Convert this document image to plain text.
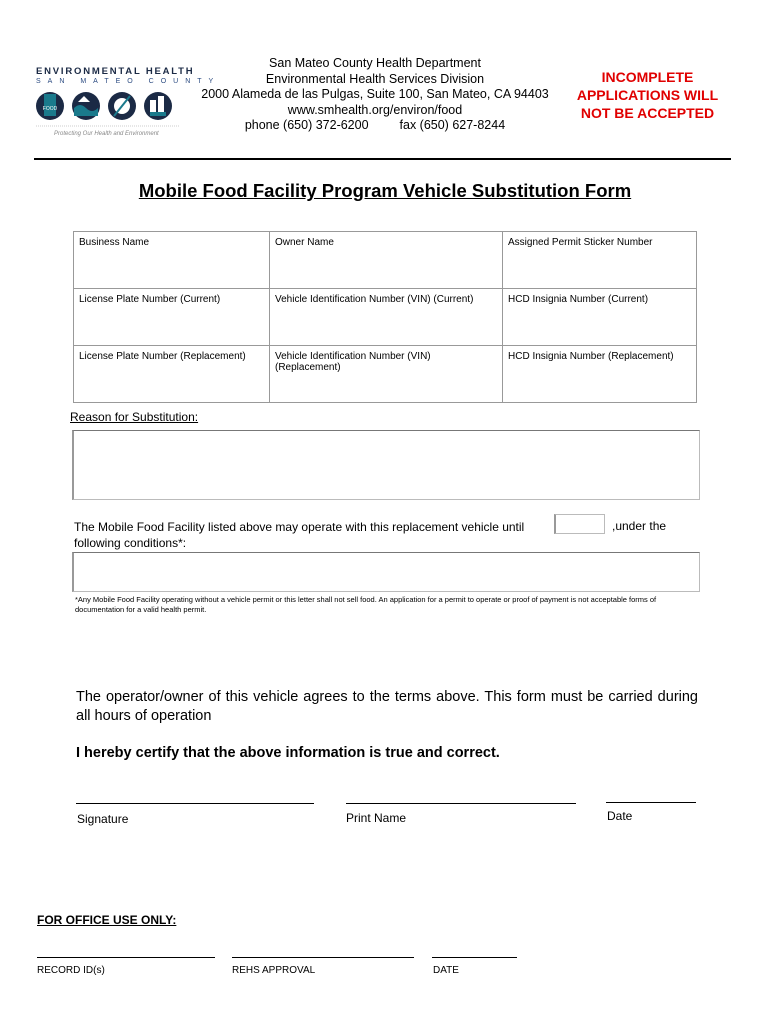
ENVIRONMENTAL HEALTH
SAN MATEO COUNTY
FOOD
Protecting Our Health and Environment
San Mateo County Health Department
Environmental Health Services Division
2000 Alameda de las Pulgas, Suite 100, San Mateo, CA 94403
www.smhealth.org/environ/food
phone (650) 372-6200 fax (650) 627-8244
INCOMPLETE
APPLICATIONS WILL
NOT BE ACCEPTED
Mobile Food Facility Program Vehicle Substitution Form
Business Name	Owner Name	Assigned Permit Sticker Number
License Plate Number (Current)	Vehicle Identification Number (VIN) (Current)	HCD Insignia Number (Current)
License Plate Number (Replacement)	Vehicle Identification Number (VIN) (Replacement)	HCD Insignia Number (Replacement)
Reason for Substitution:
The Mobile Food Facility listed above may operate with this replacement vehicle until
following conditions*:
,under the
*Any Mobile Food Facility operating without a vehicle permit or this letter shall not sell food. An application for a permit to operate or proof of payment is not acceptable forms of documentation for a valid health permit.
The operator/owner of this vehicle agrees to the terms above. This form must be carried during all hours of operation
I hereby certify that the above information is true and correct.
Signature	Print Name	Date
FOR OFFICE USE ONLY:
RECORD ID(s)	REHS APPROVAL	DATE
